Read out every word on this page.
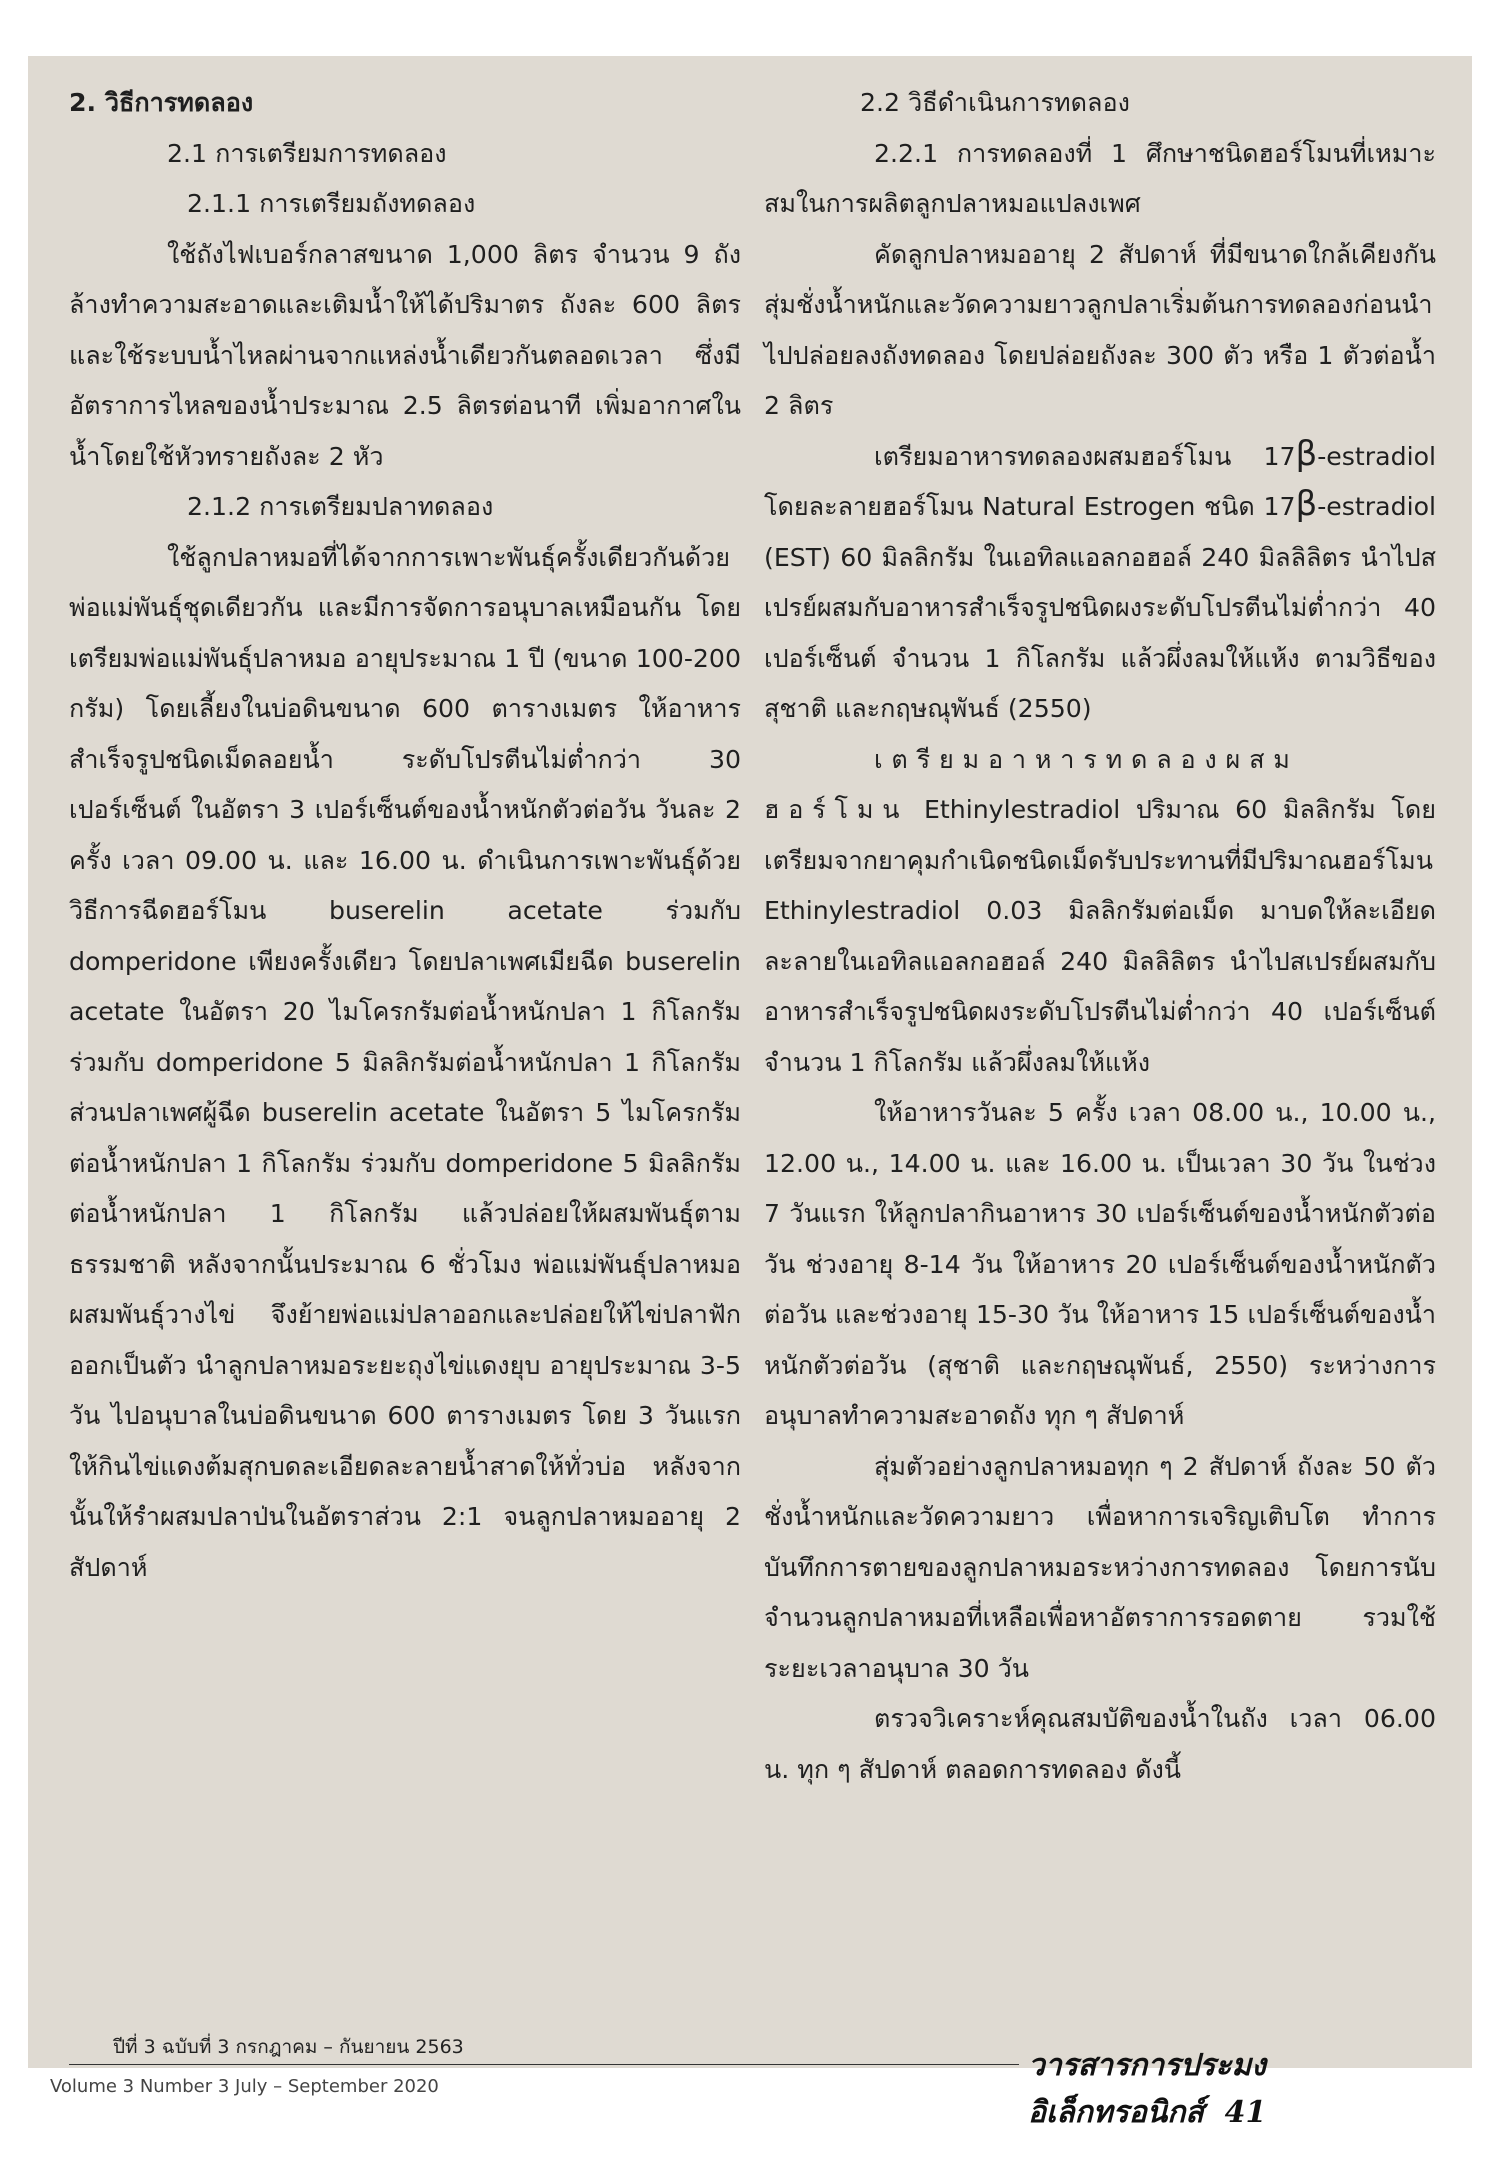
2. วิธีการทดลอง

2.1 การเตรียมการทดลอง

2.1.1 การเตรียมถังทดลอง

ใช้ถังไฟเบอร์กลาสขนาด 1,000 ลิตร จำนวน 9 ถัง ล้างทำความสะอาดและเติมน้ำให้ได้ปริมาตร ถังละ 600 ลิตร และใช้ระบบน้ำไหลผ่านจากแหล่งน้ำเดียวกันตลอดเวลา ซึ่งมีอัตราการไหลของน้ำประมาณ 2.5 ลิตรต่อนาที เพิ่มอากาศในน้ำโดยใช้หัวทรายถังละ 2 หัว

2.1.2 การเตรียมปลาทดลอง

ใช้ลูกปลาหมอที่ได้จากการเพาะพันธุ์ครั้งเดียวกันด้วยพ่อแม่พันธุ์ชุดเดียวกัน และมีการจัดการอนุบาลเหมือนกัน โดยเตรียมพ่อแม่พันธุ์ปลาหมอ อายุประมาณ 1 ปี (ขนาด 100-200 กรัม) โดยเลี้ยงในบ่อดินขนาด 600 ตารางเมตร ให้อาหารสำเร็จรูปชนิดเม็ดลอยน้ำ ระดับโปรตีนไม่ต่ำกว่า 30 เปอร์เซ็นต์ ในอัตรา 3 เปอร์เซ็นต์ของน้ำหนักตัวต่อวัน วันละ 2 ครั้ง เวลา 09.00 น. และ 16.00 น. ดำเนินการเพาะพันธุ์ด้วยวิธีการฉีดฮอร์โมน buserelin acetate ร่วมกับ domperidone เพียงครั้งเดียว โดยปลาเพศเมียฉีด buserelin acetate ในอัตรา 20 ไมโครกรัมต่อน้ำหนักปลา 1 กิโลกรัม ร่วมกับ domperidone 5 มิลลิกรัมต่อน้ำหนักปลา 1 กิโลกรัม ส่วนปลาเพศผู้ฉีด buserelin acetate ในอัตรา 5 ไมโครกรัมต่อน้ำหนักปลา 1 กิโลกรัม ร่วมกับ domperidone 5 มิลลิกรัมต่อน้ำหนักปลา 1 กิโลกรัม แล้วปล่อยให้ผสมพันธุ์ตามธรรมชาติ หลังจากนั้นประมาณ 6 ชั่วโมง พ่อแม่พันธุ์ปลาหมอผสมพันธุ์วางไข่ จึงย้ายพ่อแม่ปลาออกและปล่อยให้ไข่ปลาฟักออกเป็นตัว นำลูกปลาหมอระยะถุงไข่แดงยุบ อายุประมาณ 3-5 วัน ไปอนุบาลในบ่อดินขนาด 600 ตารางเมตร โดย 3 วันแรกให้กินไข่แดงต้มสุกบดละเอียดละลายน้ำสาดให้ทั่วบ่อ หลังจากนั้นให้รำผสมปลาป่นในอัตราส่วน 2:1 จนลูกปลาหมออายุ 2 สัปดาห์

2.2 วิธีดำเนินการทดลอง

2.2.1 การทดลองที่ 1 ศึกษาชนิดฮอร์โมนที่เหมาะสมในการผลิตลูกปลาหมอแปลงเพศ

คัดลูกปลาหมออายุ 2 สัปดาห์ ที่มีขนาดใกล้เคียงกัน สุ่มชั่งน้ำหนักและวัดความยาวลูกปลาเริ่มต้นการทดลองก่อนนำไปปล่อยลงถังทดลอง โดยปล่อยถังละ 300 ตัว หรือ 1 ตัวต่อน้ำ 2 ลิตร

เตรียมอาหารทดลองผสมฮอร์โมน 17β-estradiol โดยละลายฮอร์โมน Natural Estrogen ชนิด 17β-estradiol (EST) 60 มิลลิกรัม ในเอทิลแอลกอฮอล์ 240 มิลลิลิตร นำไปสเปรย์ผสมกับอาหารสำเร็จรูปชนิดผงระดับโปรตีนไม่ต่ำกว่า 40 เปอร์เซ็นต์ จำนวน 1 กิโลกรัม แล้วผึ่งลมให้แห้ง ตามวิธีของสุชาติ และกฤษณุพันธ์ (2550)

เตรียมอาหารทดลองผสมฮอร์โมน Ethinylestradiol ปริมาณ 60 มิลลิกรัม โดยเตรียมจากยาคุมกำเนิดชนิดเม็ดรับประทานที่มีปริมาณฮอร์โมน Ethinylestradiol 0.03 มิลลิกรัมต่อเม็ด มาบดให้ละเอียด ละลายในเอทิลแอลกอฮอล์ 240 มิลลิลิตร นำไปสเปรย์ผสมกับอาหารสำเร็จรูปชนิดผงระดับโปรตีนไม่ต่ำกว่า 40 เปอร์เซ็นต์ จำนวน 1 กิโลกรัม แล้วผึ่งลมให้แห้ง

ให้อาหารวันละ 5 ครั้ง เวลา 08.00 น., 10.00 น., 12.00 น., 14.00 น. และ 16.00 น. เป็นเวลา 30 วัน ในช่วง 7 วันแรก ให้ลูกปลากินอาหาร 30 เปอร์เซ็นต์ของน้ำหนักตัวต่อวัน ช่วงอายุ 8-14 วัน ให้อาหาร 20 เปอร์เซ็นต์ของน้ำหนักตัวต่อวัน และช่วงอายุ 15-30 วัน ให้อาหาร 15 เปอร์เซ็นต์ของน้ำหนักตัวต่อวัน (สุชาติ และกฤษณุพันธ์, 2550) ระหว่างการอนุบาลทำความสะอาดถัง ทุก ๆ สัปดาห์

สุ่มตัวอย่างลูกปลาหมอทุก ๆ 2 สัปดาห์ ถังละ 50 ตัว ชั่งน้ำหนักและวัดความยาว เพื่อหาการเจริญเติบโต ทำการบันทึกการตายของลูกปลาหมอระหว่างการทดลอง โดยการนับจำนวนลูกปลาหมอที่เหลือเพื่อหาอัตราการรอดตาย รวมใช้ระยะเวลาอนุบาล 30 วัน

ตรวจวิเคราะห์คุณสมบัติของน้ำในถัง เวลา 06.00 น. ทุก ๆ สัปดาห์ ตลอดการทดลอง ดังนี้

ปีที่ 3 ฉบับที่ 3 กรกฎาคม – กันยายน 2563
วารสารการประมงอิเล็กทรอนิกส์ 41
Volume 3 Number 3 July – September 2020
